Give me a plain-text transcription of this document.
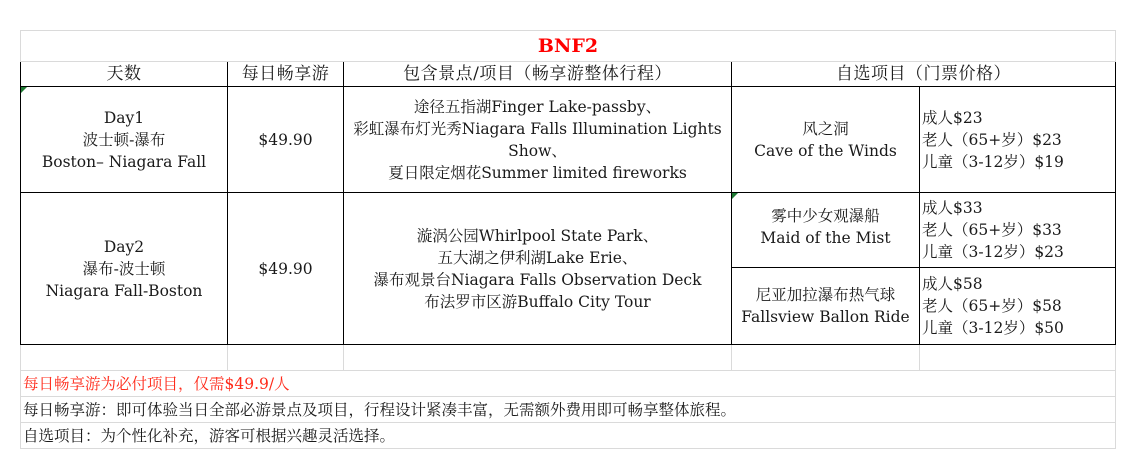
BNF2				
天数	每日畅享游	包含景点/项目（畅享游整体行程）	自选项目（门票价格）	

Day1
波士顿-瀑布
Boston– Niagara Fall	$49.90	途径五指湖Finger Lake-passby、
彩虹瀑布灯光秀Niagara Falls Illumination Lights
Show、
夏日限定烟花Summer limited fireworks	风之洞
Cave of the Winds	成人$23
老人（65+岁）$23
儿童（3-12岁）$19

Day2
瀑布-波士顿
Niagara Fall-Boston	$49.90	漩涡公园Whirlpool State Park、
五大湖之伊利湖Lake Erie、
瀑布观景台Niagara Falls Observation Deck
布法罗市区游Buffalo City Tour	雾中少女观瀑船
Maid of the Mist	成人$33
老人（65+岁）$33
儿童（3-12岁）$23

			尼亚加拉瀑布热气球
Fallsview Ballon Ride	成人$58
老人（65+岁）$58
儿童（3-12岁）$50

每日畅享游为必付项目，仅需$49.9/人				
每日畅享游：即可体验当日全部必游景点及项目，行程设计紧凑丰富，无需额外费用即可畅享整体旅程。				
自选项目：为个性化补充，游客可根据兴趣灵活选择。				
